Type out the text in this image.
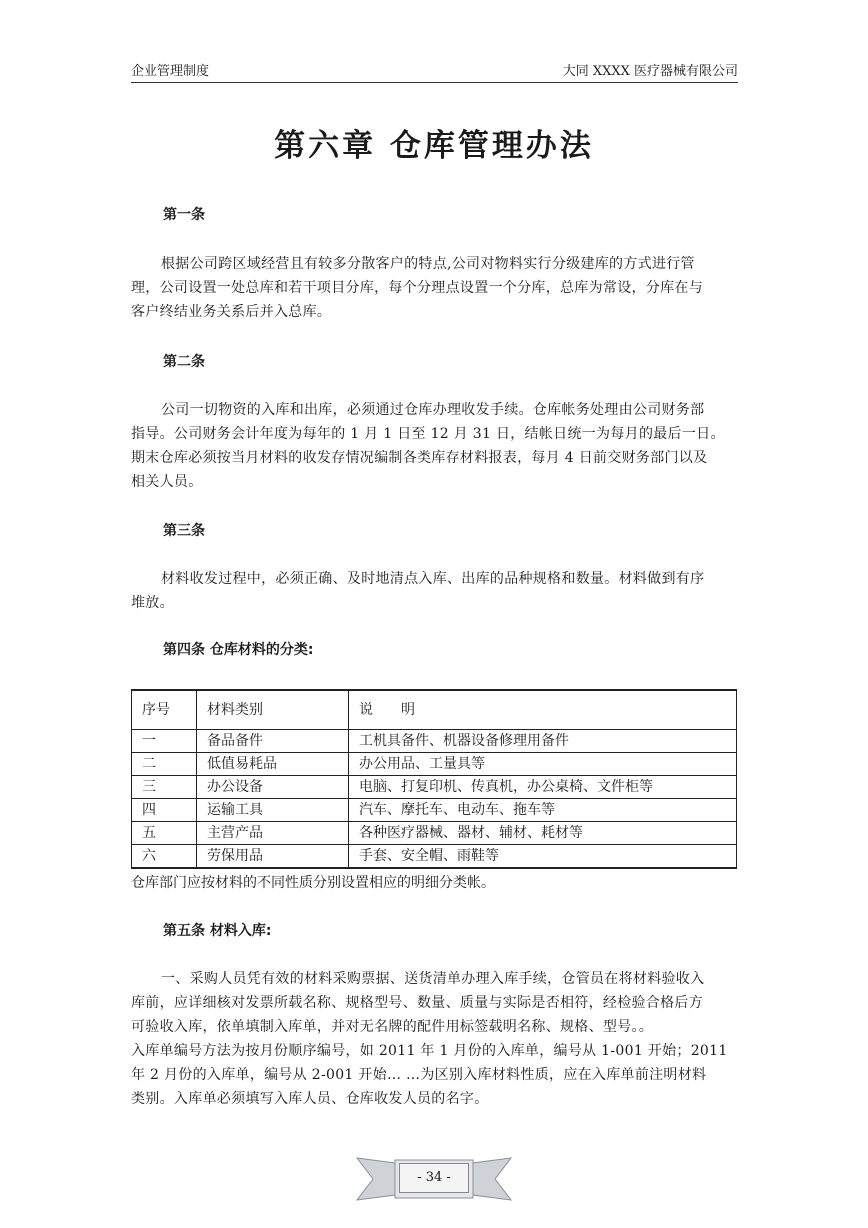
企业管理制度	大同 XXXX 医疗器械有限公司
第六章 仓库管理办法
第一条

根据公司跨区域经营且有较多分散客户的特点,公司对物料实行分级建库的方式进行管

理，公司设置一处总库和若干项目分库，每个分理点设置一个分库，总库为常设，分库在与

客户终结业务关系后并入总库。

第二条

公司一切物资的入库和出库，必须通过仓库办理收发手续。仓库帐务处理由公司财务部

指导。公司财务会计年度为每年的 1 月 1 日至 12 月 31 日，结帐日统一为每月的最后一日。

期末仓库必须按当月材料的收发存情况编制各类库存材料报表，每月 4 日前交财务部门以及

相关人员。

第三条

材料收发过程中，必须正确、及时地清点入库、出库的品种规格和数量。材料做到有序

堆放。

第四条 仓库材料的分类:
序号	材料类别	说　　明
一	备品备件	工机具备件、机器设备修理用备件
二	低值易耗品	办公用品、工量具等
三	办公设备	电脑、打复印机、传真机，办公桌椅、文件柜等
四	运输工具	汽车、摩托车、电动车、拖车等
五	主营产品	各种医疗器械、器材、辅材、耗材等
六	劳保用品	手套、安全帽、雨鞋等
仓库部门应按材料的不同性质分别设置相应的明细分类帐。
第五条 材料入库:

一、采购人员凭有效的材料采购票据、送货清单办理入库手续，仓管员在将材料验收入

库前，应详细核对发票所载名称、规格型号、数量、质量与实际是否相符，经检验合格后方

可验收入库，依单填制入库单，并对无名牌的配件用标签载明名称、规格、型号。。

入库单编号方法为按月份顺序编号，如 2011 年 1 月份的入库单，编号从 1-001 开始；2011

年 2 月份的入库单，编号从 2-001 开始… …为区别入库材料性质，应在入库单前注明材料

类别。入库单必须填写入库人员、仓库收发人员的名字。

- 34 -
